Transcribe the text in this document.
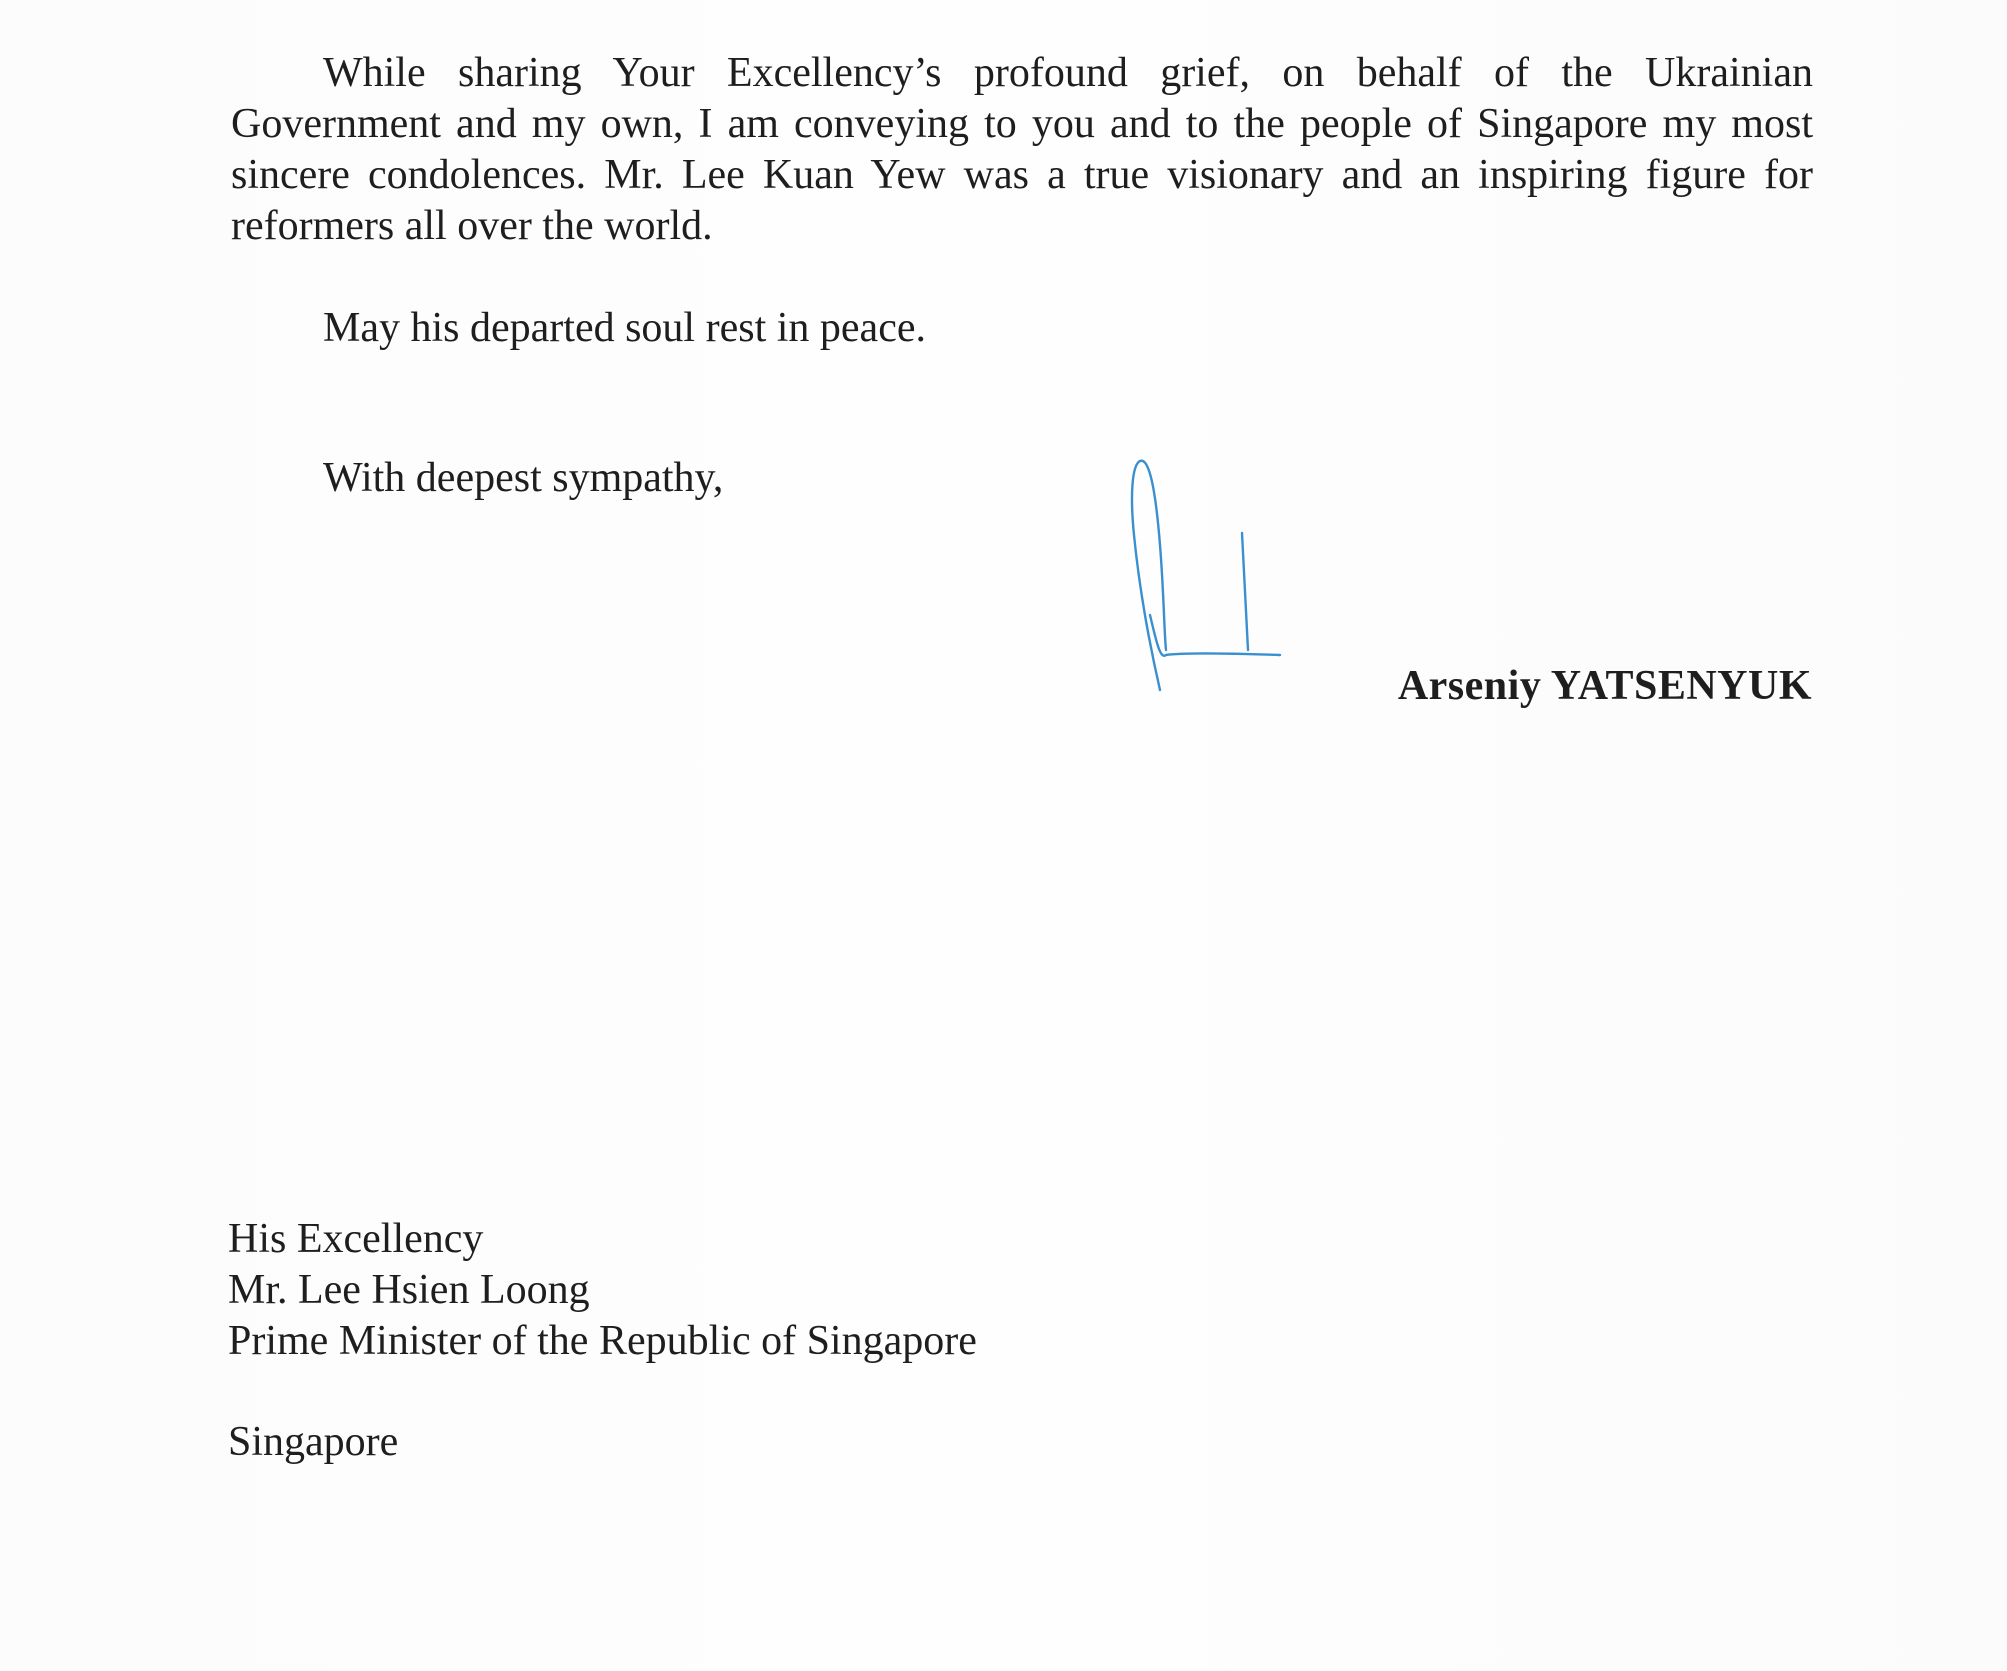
While sharing Your Excellency’s profound grief, on behalf of the Ukrainian Government and my own, I am conveying to you and to the people of Singapore my most sincere condolences. Mr. Lee Kuan Yew was a true visionary and an inspiring figure for reformers all over the world.

May his departed soul rest in peace.

With deepest sympathy,

Arseniy YATSENYUK

His Excellency

Mr. Lee Hsien Loong

Prime Minister of the Republic of Singapore

Singapore
